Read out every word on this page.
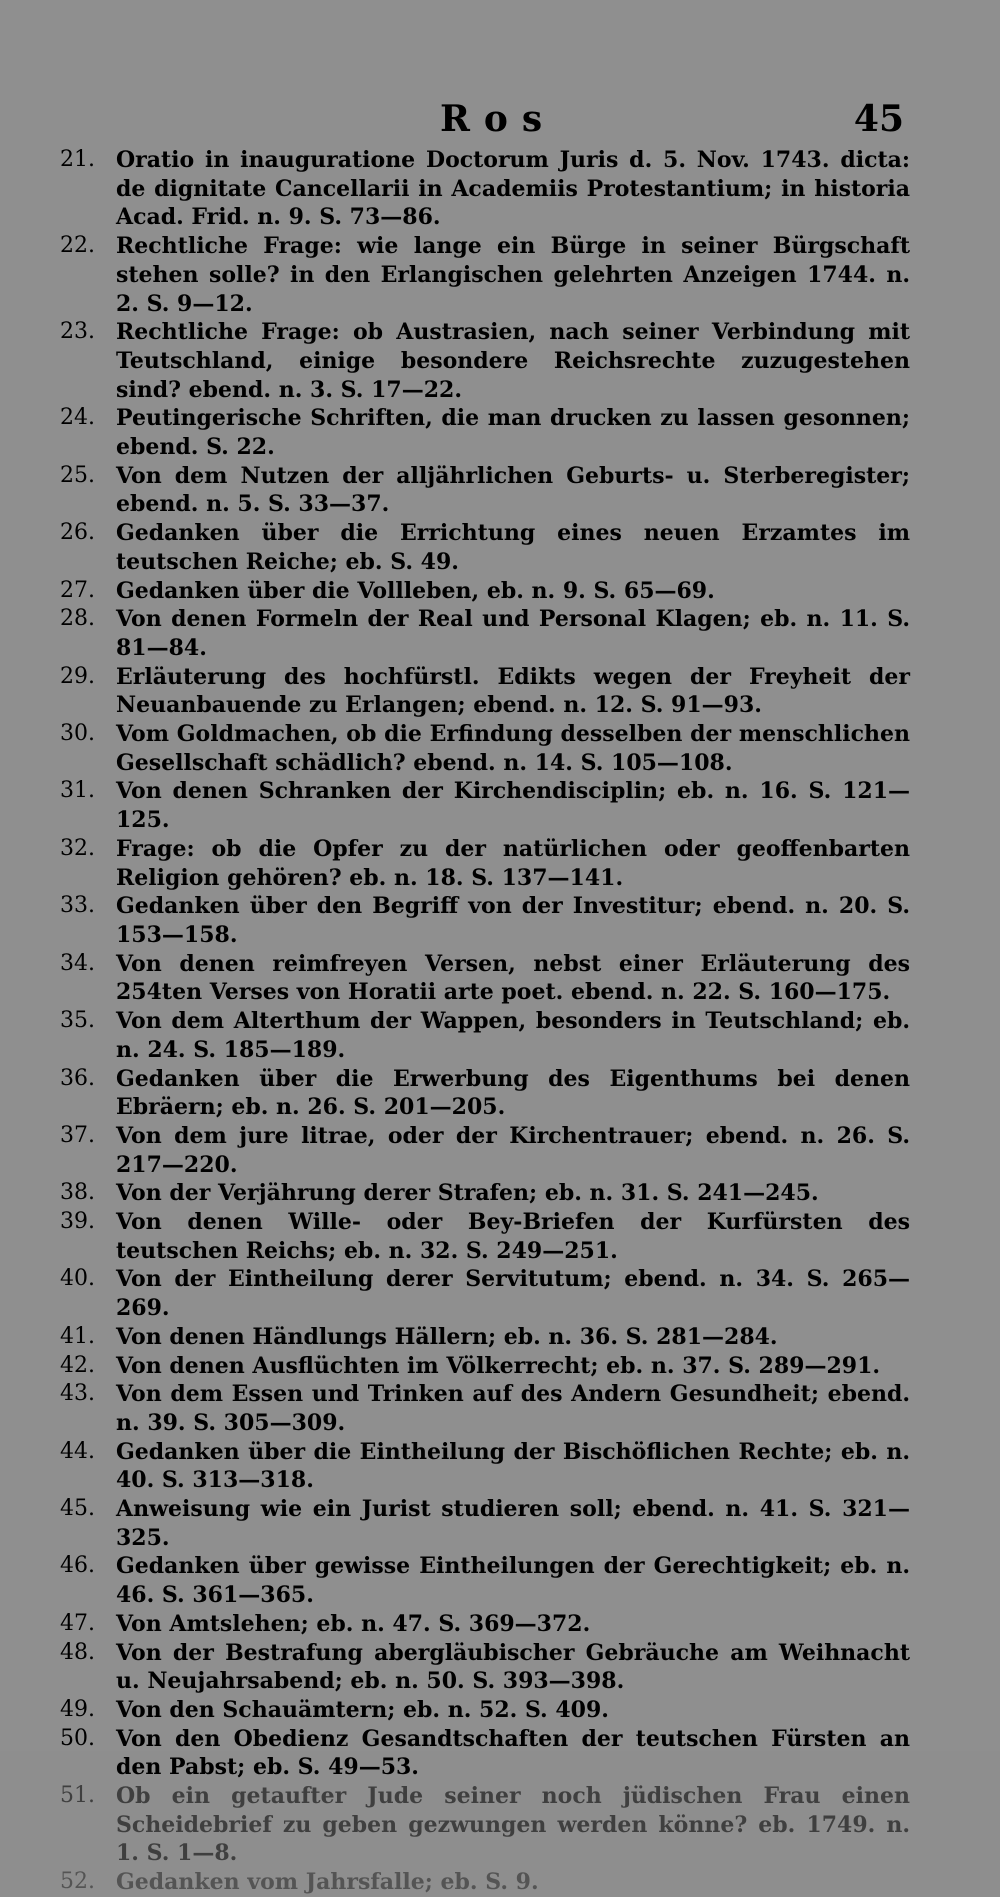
Ros	45
21. Oratio in inauguratione Doctorum Juris d. 5. Nov. 1743. dicta: de dignitate Cancellarii in Academiis Protestantium; in historia Acad. Frid. n. 9. S. 73—86.
22. Rechtliche Frage: wie lange ein Bürge in seiner Bürgschaft stehen solle? in den Erlangischen gelehrten Anzeigen 1744. n. 2. S. 9—12.
23. Rechtliche Frage: ob Austrasien, nach seiner Verbindung mit Teutschland, einige besondere Reichsrechte zuzugestehen sind? ebend. n. 3. S. 17—22.
24. Peutingerische Schriften, die man drucken zu lassen gesonnen; ebend. S. 22.
25. Von dem Nutzen der alljährlichen Geburts- u. Sterberegister; ebend. n. 5. S. 33—37.
26. Gedanken über die Errichtung eines neuen Erzamtes im teutschen Reiche; eb. S. 49.
27. Gedanken über die Vollleben, eb. n. 9. S. 65—69.
28. Von denen Formeln der Real und Personal Klagen; eb. n. 11. S. 81—84.
29. Erläuterung des hochfürstl. Edikts wegen der Freyheit der Neuanbauende zu Erlangen; ebend. n. 12. S. 91—93.
30. Vom Goldmachen, ob die Erfindung desselben der menschlichen Gesellschaft schädlich? ebend. n. 14. S. 105—108.
31. Von denen Schranken der Kirchendisciplin; eb. n. 16. S. 121—125.
32. Frage: ob die Opfer zu der natürlichen oder geoffenbarten Religion gehören? eb. n. 18. S. 137—141.
33. Gedanken über den Begriff von der Investitur; ebend. n. 20. S. 153—158.
34. Von denen reimfreyen Versen, nebst einer Erläuterung des 254ten Verses von Horatii arte poet. ebend. n. 22. S. 160—175.
35. Von dem Alterthum der Wappen, besonders in Teutschland; eb. n. 24. S. 185—189.
36. Gedanken über die Erwerbung des Eigenthums bei denen Ebräern; eb. n. 26. S. 201—205.
37. Von dem jure litrae, oder der Kirchentrauer; ebend. n. 26. S. 217—220.
38. Von der Verjährung derer Strafen; eb. n. 31. S. 241—245.
39. Von denen Wille- oder Bey-Briefen der Kurfürsten des teutschen Reichs; eb. n. 32. S. 249—251.
40. Von der Eintheilung derer Servitutum; ebend. n. 34. S. 265—269.
41. Von denen Händlungs Hällern; eb. n. 36. S. 281—284.
42. Von denen Ausflüchten im Völkerrecht; eb. n. 37. S. 289—291.
43. Von dem Essen und Trinken auf des Andern Gesundheit; ebend. n. 39. S. 305—309.
44. Gedanken über die Eintheilung der Bischöflichen Rechte; eb. n. 40. S. 313—318.
45. Anweisung wie ein Jurist studieren soll; ebend. n. 41. S. 321—325.
46. Gedanken über gewisse Eintheilungen der Gerechtigkeit; eb. n. 46. S. 361—365.
47. Von Amtslehen; eb. n. 47. S. 369—372.
48. Von der Bestrafung abergläubischer Gebräuche am Weihnacht u. Neujahrsabend; eb. n. 50. S. 393—398.
49. Von den Schauämtern; eb. n. 52. S. 409.
50. Von den Obedienz Gesandtschaften der teutschen Fürsten an den Pabst; eb. S. 49—53.
51. Ob ein getaufter Jude seiner noch jüdischen Frau einen Scheidebrief zu geben gezwungen werden könne? eb. 1749. n. 1. S. 1—8.
52. Gedanken vom Jahrsfalle; eb. S. 9.
